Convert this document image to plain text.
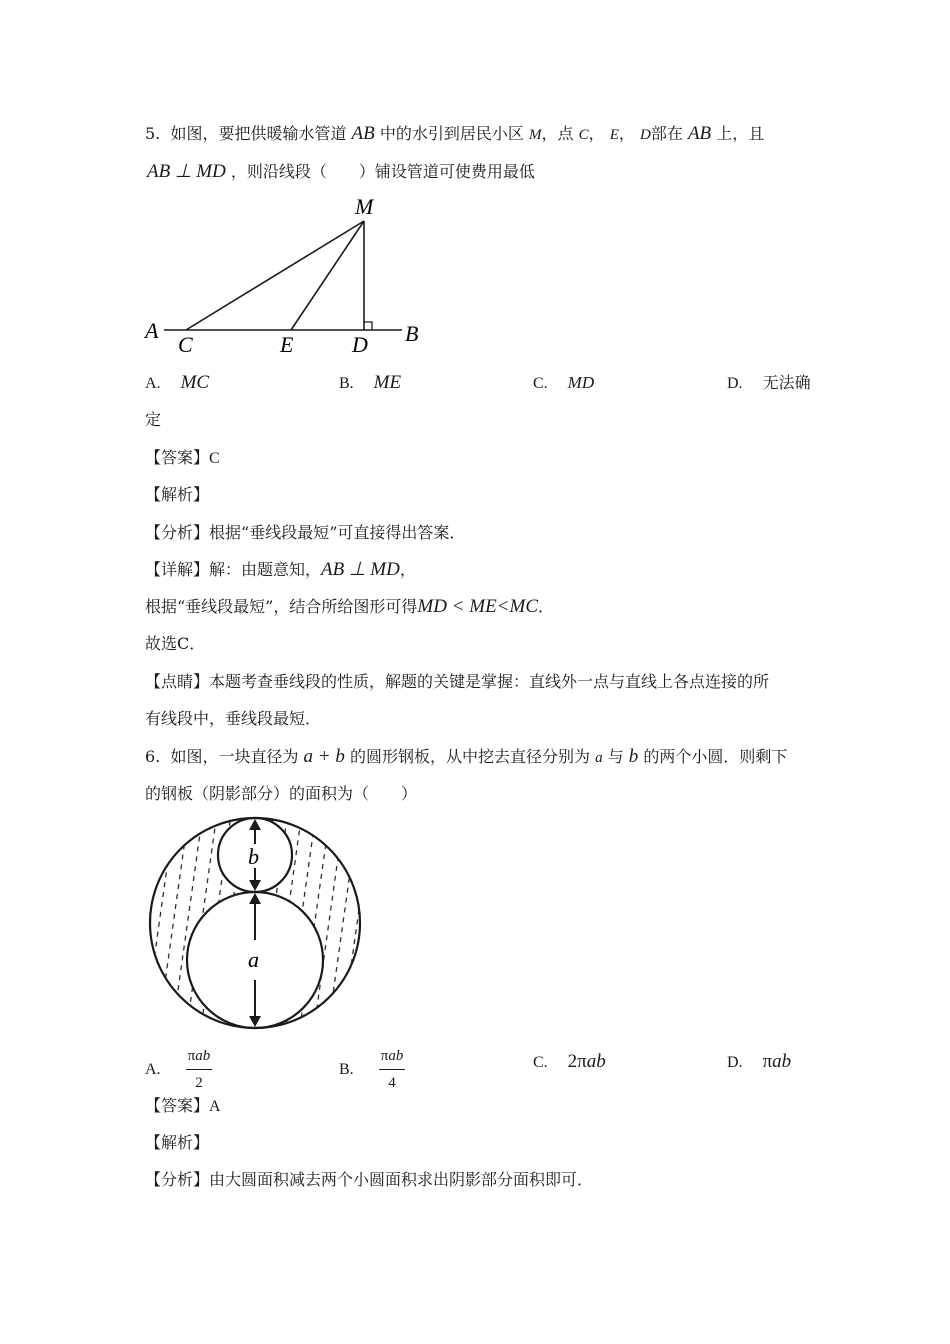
5. 如图，要把供暖输水管道 AB 中的水引到居民小区 M，点 C， E， D部在 AB 上，且
AB ⊥ MD ，则沿线段（　　）铺设管道可使费用最低
M
A	B
C	E	D
A. MC	B. ME	C. MD	D. 无法确
定
【答案】C
【解析】
【分析】根据“垂线段最短”可直接得出答案．
【详解】解：由题意知，AB ⊥ MD，
根据“垂线段最短”，结合所给图形可得MD < ME<MC．
故选C．
【点睛】本题考查垂线段的性质，解题的关键是掌握：直线外一点与直线上各点连接的所
有线段中，垂线段最短．
6. 如图，一块直径为 a + b 的圆形钢板，从中挖去直径分别为 a 与 b 的两个小圆．则剩下
的钢板（阴影部分）的面积为（　　）
b
a
A. $\frac{\text{πab}}{2}$	B. $\frac{\text{πab}}{4}$	C. 2πab	D. πab
【答案】A
【解析】
【分析】由大圆面积减去两个小圆面积求出阴影部分面积即可．
